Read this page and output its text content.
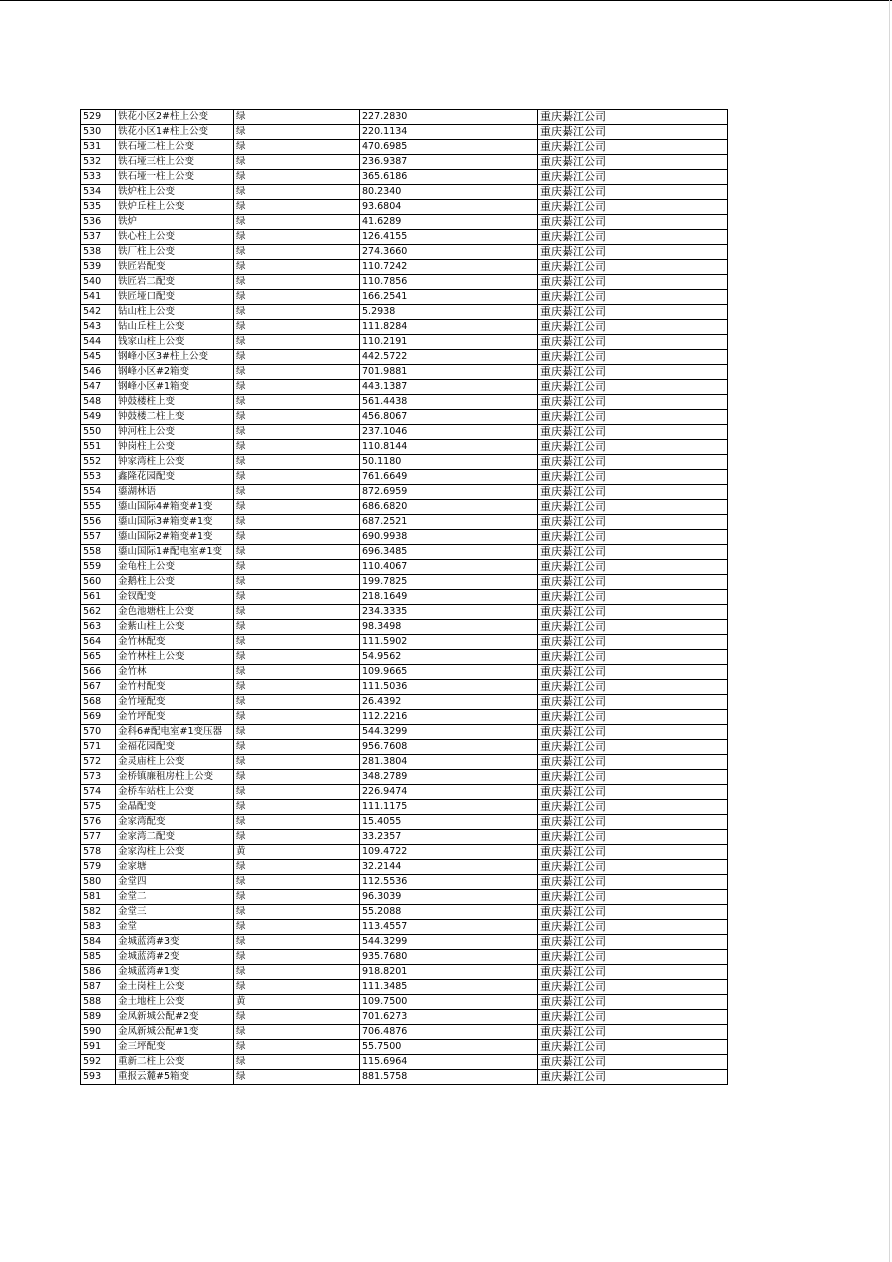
529	铁花小区2#柱上公变	绿	227.2830	重庆綦江公司
530	铁花小区1#柱上公变	绿	220.1134	重庆綦江公司
531	铁石垭二柱上公变	绿	470.6985	重庆綦江公司
532	铁石垭三柱上公变	绿	236.9387	重庆綦江公司
533	铁石垭一柱上公变	绿	365.6186	重庆綦江公司
534	铁炉柱上公变	绿	80.2340	重庆綦江公司
535	铁炉丘柱上公变	绿	93.6804	重庆綦江公司
536	铁炉	绿	41.6289	重庆綦江公司
537	铁心柱上公变	绿	126.4155	重庆綦江公司
538	铁厂柱上公变	绿	274.3660	重庆綦江公司
539	铁匠岩配变	绿	110.7242	重庆綦江公司
540	铁匠岩二配变	绿	110.7856	重庆綦江公司
541	铁匠垭口配变	绿	166.2541	重庆綦江公司
542	钻山柱上公变	绿	5.2938	重庆綦江公司
543	钻山丘柱上公变	绿	111.8284	重庆綦江公司
544	钱家山柱上公变	绿	110.2191	重庆綦江公司
545	钢峰小区3#柱上公变	绿	442.5722	重庆綦江公司
546	钢峰小区#2箱变	绿	701.9881	重庆綦江公司
547	钢峰小区#1箱变	绿	443.1387	重庆綦江公司
548	钟鼓楼柱上变	绿	561.4438	重庆綦江公司
549	钟鼓楼二柱上变	绿	456.8067	重庆綦江公司
550	钟河柱上公变	绿	237.1046	重庆綦江公司
551	钟岗柱上公变	绿	110.8144	重庆綦江公司
552	钟家湾柱上公变	绿	50.1180	重庆綦江公司
553	鑫隆花园配变	绿	761.6649	重庆綦江公司
554	鎏湖林语	绿	872.6959	重庆綦江公司
555	鎏山国际4#箱变#1变	绿	686.6820	重庆綦江公司
556	鎏山国际3#箱变#1变	绿	687.2521	重庆綦江公司
557	鎏山国际2#箱变#1变	绿	690.9938	重庆綦江公司
558	鎏山国际1#配电室#1变	绿	696.3485	重庆綦江公司
559	金龟柱上公变	绿	110.4067	重庆綦江公司
560	金鹅柱上公变	绿	199.7825	重庆綦江公司
561	金钗配变	绿	218.1649	重庆綦江公司
562	金色池塘柱上公变	绿	234.3335	重庆綦江公司
563	金紫山柱上公变	绿	98.3498	重庆綦江公司
564	金竹林配变	绿	111.5902	重庆綦江公司
565	金竹林柱上公变	绿	54.9562	重庆綦江公司
566	金竹林	绿	109.9665	重庆綦江公司
567	金竹村配变	绿	111.5036	重庆綦江公司
568	金竹垭配变	绿	26.4392	重庆綦江公司
569	金竹坪配变	绿	112.2216	重庆綦江公司
570	金科6#配电室#1变压器	绿	544.3299	重庆綦江公司
571	金福花园配变	绿	956.7608	重庆綦江公司
572	金灵庙柱上公变	绿	281.3804	重庆綦江公司
573	金桥镇廉租房柱上公变	绿	348.2789	重庆綦江公司
574	金桥车站柱上公变	绿	226.9474	重庆綦江公司
575	金晶配变	绿	111.1175	重庆綦江公司
576	金家湾配变	绿	15.4055	重庆綦江公司
577	金家湾二配变	绿	33.2357	重庆綦江公司
578	金家沟柱上公变	黄	109.4722	重庆綦江公司
579	金家塘	绿	32.2144	重庆綦江公司
580	金堂四	绿	112.5536	重庆綦江公司
581	金堂二	绿	96.3039	重庆綦江公司
582	金堂三	绿	55.2088	重庆綦江公司
583	金堂	绿	113.4557	重庆綦江公司
584	金城蓝湾#3变	绿	544.3299	重庆綦江公司
585	金城蓝湾#2变	绿	935.7680	重庆綦江公司
586	金城蓝湾#1变	绿	918.8201	重庆綦江公司
587	金土岗柱上公变	绿	111.3485	重庆綦江公司
588	金土地柱上公变	黄	109.7500	重庆綦江公司
589	金凤新城公配#2变	绿	701.6273	重庆綦江公司
590	金凤新城公配#1变	绿	706.4876	重庆綦江公司
591	金三坪配变	绿	55.7500	重庆綦江公司
592	重新二柱上公变	绿	115.6964	重庆綦江公司
593	重报云麓#5箱变	绿	881.5758	重庆綦江公司
